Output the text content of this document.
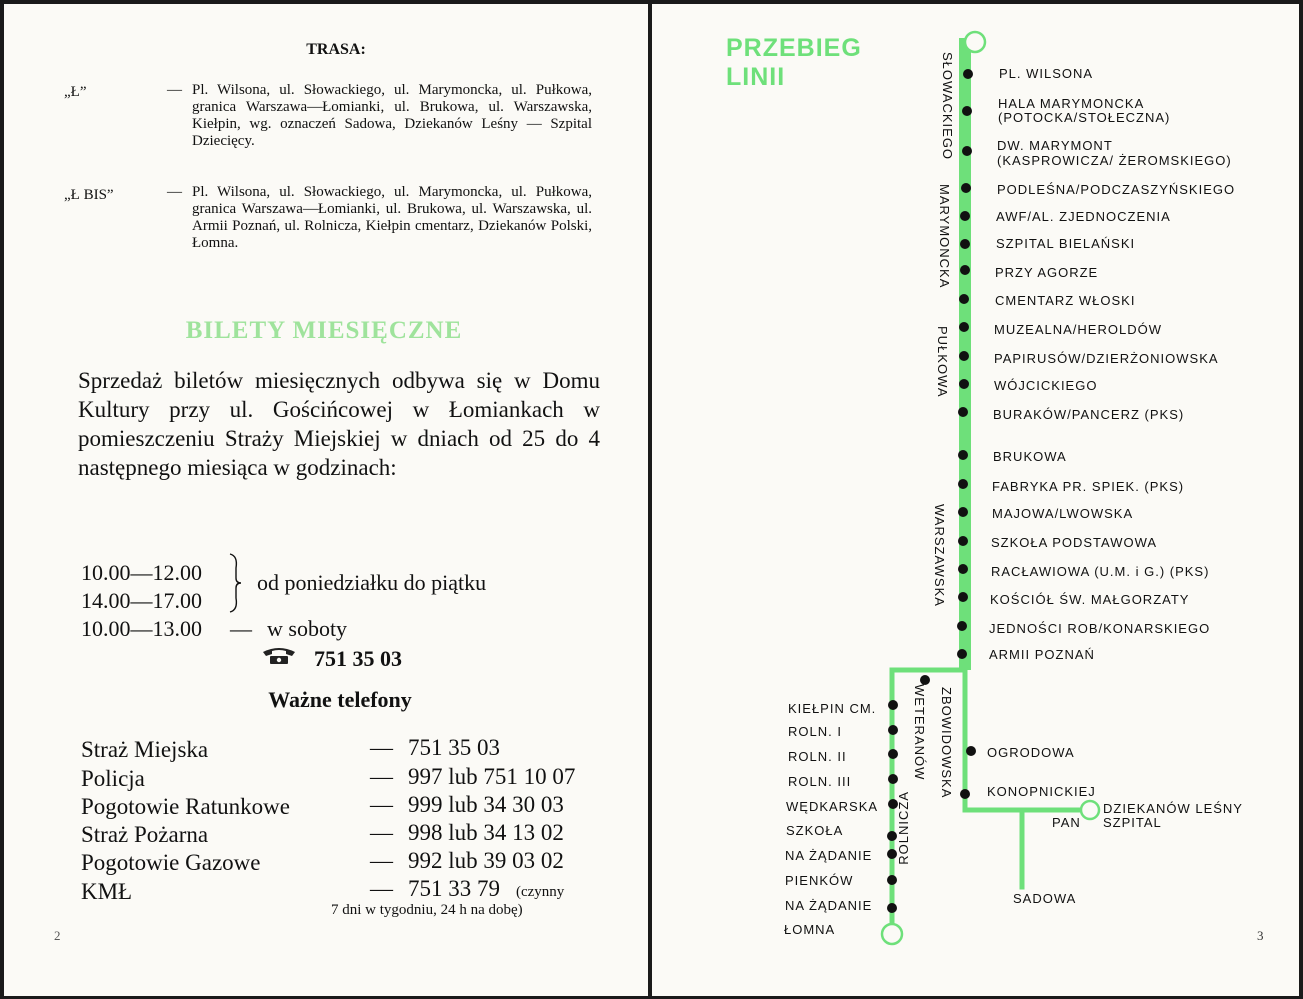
TRASA:
„Ł”	— Pl. Wilsona, ul. Słowackiego, ul. Marymoncka, ul. Pułkowa, granica Warszawa—Łomianki, ul. Brukowa, ul. Warszawska, Kiełpin, wg. oznaczeń Sadowa, Dziekanów Leśny — Szpital Dziecięcy.
„Ł BIS”	— Pl. Wilsona, ul. Słowackiego, ul. Marymoncka, ul. Pułkowa, granica Warszawa—Łomianki, ul. Brukowa, ul. Warszawska, ul. Armii Poznań, ul. Rolnicza, Kiełpin cmentarz, Dziekanów Polski, Łomna.
BILETY MIESIĘCZNE
Sprzedaż biletów miesięcznych odbywa się w Domu Kultury przy ul. Gościńcowej w Łomiankach w pomieszczeniu Straży Miejskiej w dniach od 25 do 4 następnego miesiąca w godzinach:
10.00—12.00
14.00—17.00
od poniedziałku do piątku
10.00—13.00 — w soboty
751 35 03
Ważne telefony
Straż Miejska	— 751 35 03
Policja	— 997 lub 751 10 07
Pogotowie Ratunkowe	— 999 lub 34 30 03
Straż Pożarna	— 998 lub 34 13 02
Pogotowie Gazowe	— 992 lub 39 03 02
KMŁ	— 751 33 79 (czynny
7 dni w tygodniu, 24 h na dobę)
2
PRZEBIEG
LINII	PL. WILSONA
HALA MARYMONCKA
(POTOCKA/STOŁECZNA)
DW. MARYMONT
(KASPROWICZA/ ŻEROMSKIEGO)
PODLEŚNA/PODCZASZYŃSKIEGO
AWF/AL. ZJEDNOCZENIA
SZPITAL BIELAŃSKI
PRZY AGORZE
CMENTARZ WŁOSKI
MUZEALNA/HEROLDÓW
PAPIRUSÓW/DZIERŻONIOWSKA
WÓJCICKIEGO
BURAKÓW/PANCERZ (PKS)
BRUKOWA
FABRYKA PR. SPIEK. (PKS)
MAJOWA/LWOWSKA
SZKOŁA PODSTAWOWA
RACŁAWIOWA (U.M. i G.) (PKS)
KOŚCIÓŁ ŚW. MAŁGORZATY
JEDNOŚCI ROB/KONARSKIEGO
ARMII POZNAŃ
OGRODOWA
KONOPNICKIEJ
DZIEKANÓW LEŚNY
SZPITAL
PAN
SADOWA
KIEŁPIN CM.
ROLN. I
ROLN. II
ROLN. III
WĘDKARSKA
SZKOŁA
NA ŻĄDANIE
PIENKÓW
NA ŻĄDANIE
ŁOMNA
SŁOWACKIEGO
MARYMONCKA
PUŁKOWA
WARSZAWSKA
ZBOWIDOWSKA
WETERANÓW
ROLNICZA
3
